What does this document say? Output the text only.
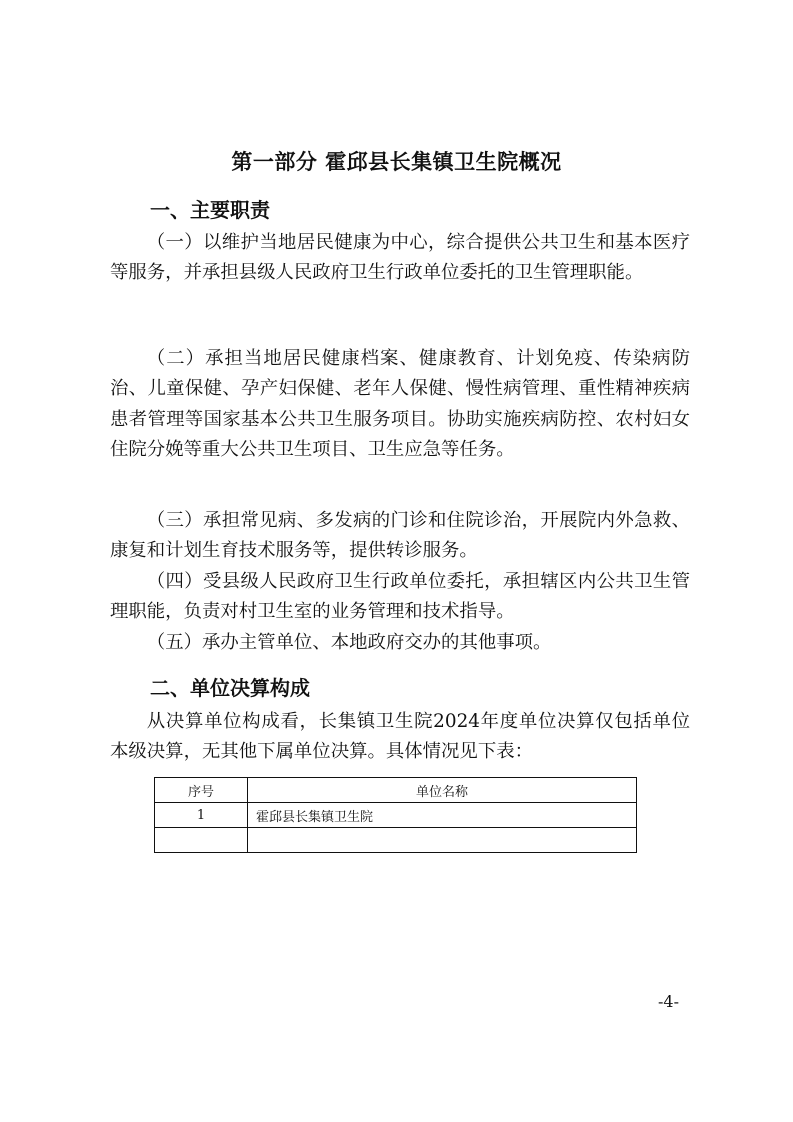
第一部分 霍邱县长集镇卫生院概况
一、主要职责

（一）以维护当地居民健康为中心，综合提供公共卫生和基本医疗等服务，并承担县级人民政府卫生行政单位委托的卫生管理职能。

（二）承担当地居民健康档案、健康教育、计划免疫、传染病防治、儿童保健、孕产妇保健、老年人保健、慢性病管理、重性精神疾病患者管理等国家基本公共卫生服务项目。协助实施疾病防控、农村妇女住院分娩等重大公共卫生项目、卫生应急等任务。

（三）承担常见病、多发病的门诊和住院诊治，开展院内外急救、康复和计划生育技术服务等，提供转诊服务。

（四）受县级人民政府卫生行政单位委托，承担辖区内公共卫生管理职能，负责对村卫生室的业务管理和技术指导。

（五）承办主管单位、本地政府交办的其他事项。

二、单位决算构成

从决算单位构成看，长集镇卫生院2024年度单位决算仅包括单位本级决算，无其他下属单位决算。具体情况见下表：

序号	单位名称
1	霍邱县长集镇卫生院

-4-
